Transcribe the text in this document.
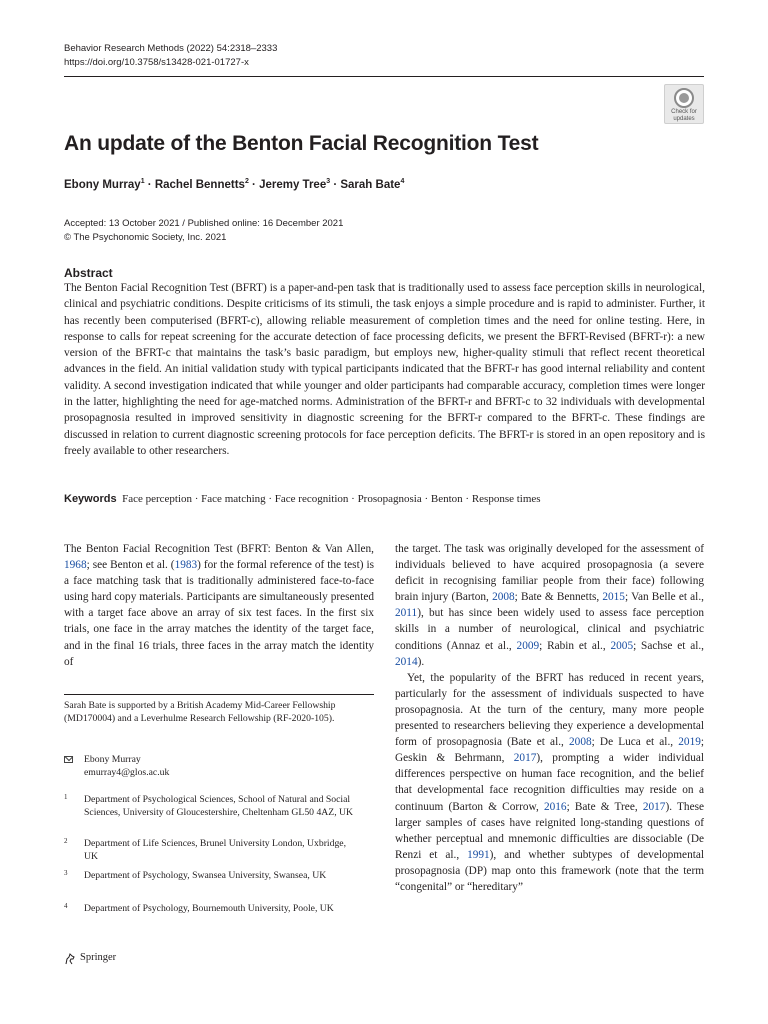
Behavior Research Methods (2022) 54:2318–2333
https://doi.org/10.3758/s13428-021-01727-x
Check for
updates
An update of the Benton Facial Recognition Test
Ebony Murray$^1$ · Rachel Bennetts$^2$ · Jeremy Tree$^3$ · Sarah Bate$^4$
Accepted: 13 October 2021 / Published online: 16 December 2021
© The Psychonomic Society, Inc. 2021
Abstract
The Benton Facial Recognition Test (BFRT) is a paper-and-pen task that is traditionally used to assess face perception skills in neurological, clinical and psychiatric conditions. Despite criticisms of its stimuli, the task enjoys a simple procedure and is rapid to administer. Further, it has recently been computerised (BFRT-c), allowing reliable measurement of completion times and the need for online testing. Here, in response to calls for repeat screening for the accurate detection of face processing deficits, we present the BFRT-Revised (BFRT-r): a new version of the BFRT-c that maintains the task’s basic paradigm, but employs new, higher-quality stimuli that reflect recent theoretical advances in the field. An initial validation study with typical participants indicated that the BFRT-r has good internal reliability and content validity. A second investigation indicated that while younger and older participants had comparable accuracy, completion times were longer in the latter, highlighting the need for age-matched norms. Administration of the BFRT-r and BFRT-c to 32 individuals with developmental prosopagnosia resulted in improved sensitivity in diagnostic screening for the BFRT-r compared to the BFRT-c. These findings are discussed in relation to current diagnostic screening protocols for face perception deficits. The BFRT-r is stored in an open repository and is freely available to other researchers.
Keywords Face perception · Face matching · Face recognition · Prosopagnosia · Benton · Response times
The Benton Facial Recognition Test (BFRT: Benton & Van Allen, 1968; see Benton et al. (1983) for the formal reference of the test) is a face matching task that is traditionally administered face-to-face using hard copy materials. Participants are simultaneously presented with a target face above an array of six test faces. In the first six trials, one face in the array matches the identity of the target face, and in the final 16 trials, three faces in the array match the identity of

the target. The task was originally developed for the assessment of individuals believed to have acquired prosopagnosia (a severe deficit in recognising familiar people from their face) following brain injury (Barton, 2008; Bate & Bennetts, 2015; Van Belle et al., 2011), but has since been widely used to assess face perception skills in a number of neurological, clinical and psychiatric conditions (Annaz et al., 2009; Rabin et al., 2005; Sachse et al., 2014).

Yet, the popularity of the BFRT has reduced in recent years, particularly for the assessment of individuals suspected to have prosopagnosia. At the turn of the century, many more people presented to researchers believing they experience a developmental form of prosopagnosia (Bate et al., 2008; De Luca et al., 2019; Geskin & Behrmann, 2017), prompting a wider individual differences perspective on human face recognition, and the belief that developmental face recognition difficulties may reside on a continuum (Barton & Corrow, 2016; Bate & Tree, 2017). These larger samples of cases have reignited long-standing questions of whether perceptual and mnemonic difficulties are dissociable (De Renzi et al., 1991), and whether subtypes of developmental prosopagnosia (DP) map onto this framework (note that the term “congenital” or “hereditary”

Sarah Bate is supported by a British Academy Mid-Career Fellowship (MD170004) and a Leverhulme Research Fellowship (RF-2020-105).
Ebony Murray
emurray4@glos.ac.uk
1 Department of Psychological Sciences, School of Natural and Social Sciences, University of Gloucestershire, Cheltenham GL50 4AZ, UK
2 Department of Life Sciences, Brunel University London, Uxbridge, UK
3 Department of Psychology, Swansea University, Swansea, UK
4 Department of Psychology, Bournemouth University, Poole, UK
Springer
